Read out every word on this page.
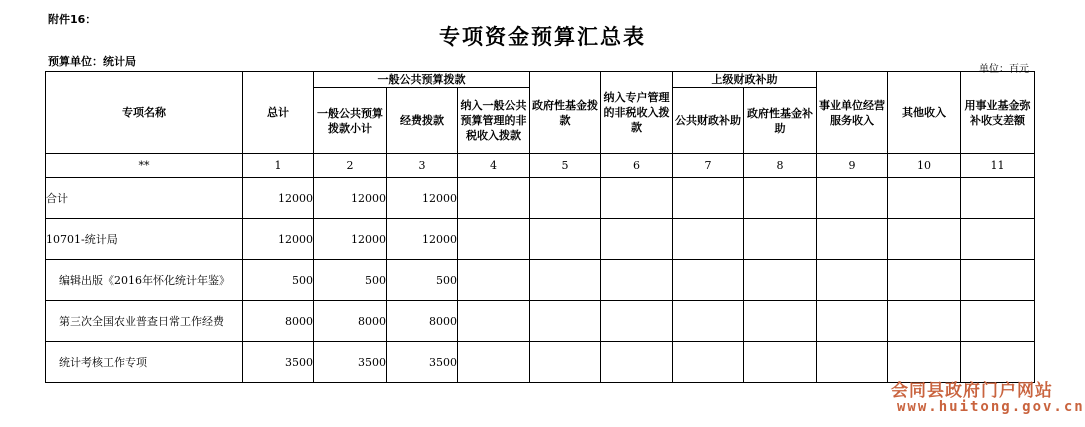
附件16：
专项资金预算汇总表
预算单位：统计局
单位：百元
专项名称	总计	一般公共预算拨款			政府性基金拨款	纳入专户管理的非税收入拨款	上级财政补助		事业单位经营服务收入	其他收入	用事业基金弥补收支差额
		一般公共预算拨款小计	经费拨款	纳入一般公共预算管理的非税收入拨款			公共财政补助	政府性基金补助			
**	1	2	3	4	5	6	7	8	9	10	11
合计	12000	12000	12000								
10701-统计局	12000	12000	12000								
编辑出版《2016年怀化统计年鉴》	500	500	500								
第三次全国农业普查日常工作经费	8000	8000	8000								
统计考核工作专项	3500	3500	3500								
会同县政府门户网站
www.huitong.gov.cn
